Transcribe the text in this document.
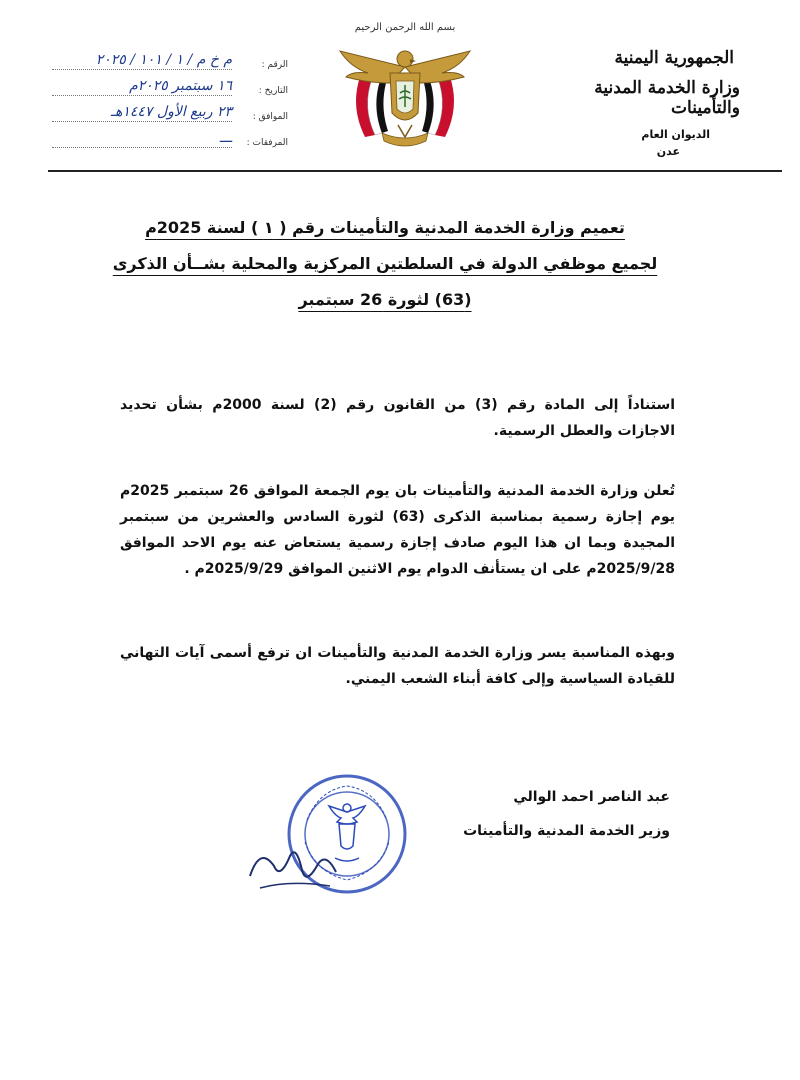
الجمهورية اليمنية
وزارة الخدمة المدنية والتأمينات
الديوان العام
عدن
بسم الله الرحمن الرحيم
الرقم :
م خ م / ١ / ١٠١ / ٢٠٢٥
التاريخ :
١٦ سبتمبر ٢٠٢٥م
الموافق :
٢٣ ربيع الأول ١٤٤٧هـ
المرفقات :
ـــ
تعميم وزارة الخدمة المدنية والتأمينات رقم ( ١ ) لسنة 2025م
لجميع موظفي الدولة في السلطتين المركزية والمحلية بشــأن الذكرى
(63) لثورة 26 سبتمبر
استناداً إلى المادة رقم (3) من القانون رقم (2) لسنة 2000م بشأن تحديد الاجازات والعطل الرسمية.
تُعلن وزارة الخدمة المدنية والتأمينات بان يوم الجمعة الموافق 26 سبتمبر 2025م يوم إجازة رسمية بمناسبة الذكرى (63) لثورة السادس والعشرين من سبتمبر المجيدة وبما ان هذا اليوم صادف إجازة رسمية يستعاض عنه يوم الاحد الموافق 2025/9/28م على ان يستأنف الدوام يوم الاثنين الموافق 2025/9/29م .
وبهذه المناسبة يسر وزارة الخدمة المدنية والتأمينات ان ترفع أسمى آيات التهاني للقيادة السياسية وإلى كافة أبناء الشعب اليمني.
عبد الناصر احمد الوالي
وزير الخدمة المدنية والتأمينات
